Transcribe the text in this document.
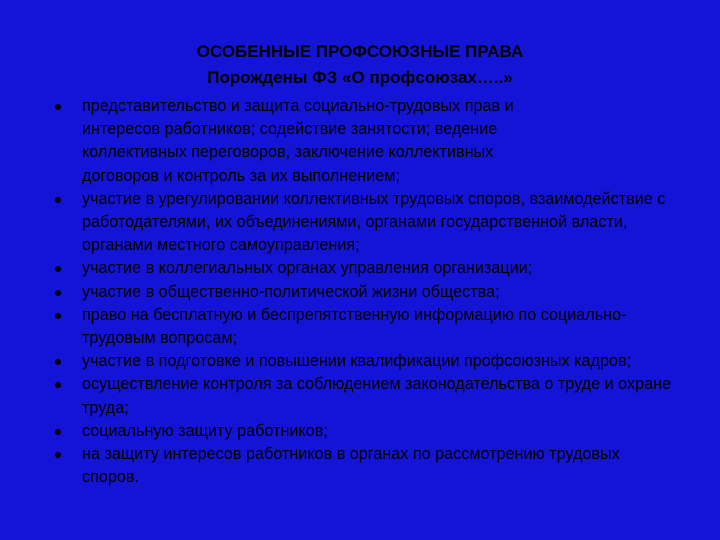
ОСОБЕННЫЕ ПРОФСОЮЗНЫЕ ПРАВА
Порождены ФЗ «О профсоюзах…..»
представительство и защита социально-трудовых прав и интересов работников; содействие занятости; ведение коллективных переговоров, заключение коллективных договоров и контроль за их выполнением;
участие в урегулировании коллективных трудовых споров, взаимодействие с работодателями, их объединениями, органами государственной власти, органами местного самоуправления;
участие в коллегиальных органах управления организации;
участие в общественно-политической жизни общества;
право на бесплатную и беспрепятственную информацию по социально- трудовым вопросам;
участие в подготовке и повышении квалификации профсоюзных кадров;
осуществление контроля за соблюдением законодательства о труде и охране труда;
социальную защиту работников;
на защиту интересов работников в органах по рассмотрению трудовых споров.
